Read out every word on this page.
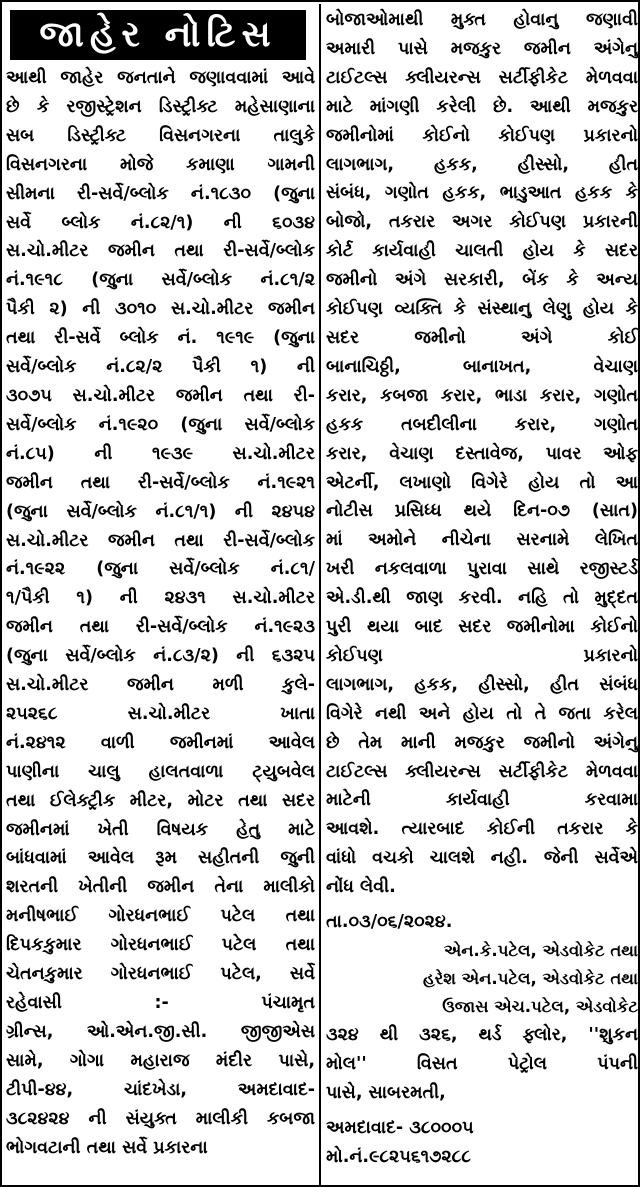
જાહેર નોટિસ
આથી જાહેર જનતાને જણાવવામાં આવે
છે કે રજીસ્ટ્રેશન ડિસ્ટ્રીક્ટ મહેસાણાના
સબ ડિસ્ટ્રીક્ટ વિસનગરના તાલુકે
વિસનગરના મોજે કમાણા ગામની
સીમના રી-સર્વે/બ્લોક નં.૧૮૩૦ (જુના
સર્વે બ્લોક નં.૮૨/૧) ની ૬૦૩૪
સ.ચો.મીટર જમીન તથા રી-સર્વે/બ્લોક
નં.૧૯૧૮ (જુના સર્વે/બ્લોક નં.૮૧/૨
પૈકી ૨) ની ૩૦૧૦ સ.ચો.મીટર જમીન
તથા રી-સર્વે બ્લોક નં. ૧૯૧૯ (જુના
સર્વે/બ્લોક નં.૮૨/૨ પૈકી ૧) ની
૩૦૭૫ સ.ચો.મીટર જમીન તથા રી-
સર્વે/બ્લોક નં.૧૯૨૦ (જુના સર્વે/બ્લોક
નં.૮૫) ની ૧૯૩૯ સ.ચો.મીટર
જમીન તથા રી-સર્વે/બ્લોક નં.૧૯૨૧
(જુના સર્વે/બ્લોક નં.૮૧/૧) ની ૨૪૫૪
સ.ચો.મીટર જમીન તથા રી-સર્વે/બ્લોક
નં.૧૯૨૨ (જુના સર્વે/બ્લોક નં.૮૧/
૧/પૈકી ૧) ની ૨૪૩૧ સ.ચો.મીટર
જમીન તથા રી-સર્વે/બ્લોક નં.૧૯૨૩
(જુના સર્વે/બ્લોક નં.૮૩/૨) ની ૬૩૨૫
સ.ચો.મીટર જમીન મળી કુલે-
૨૫૨૬૮ સ.ચો.મીટર ખાતા
નં.૨૪૧૨ વાળી જમીનમાં આવેલ
પાણીના ચાલુ હાલતવાળા ટ્યુબવેલ
તથા ઈલેક્ટ્રીક મીટર, મોટર તથા સદર
જમીનમાં ખેતી વિષયક હેતુ માટે
બાંધવામાં આવેલ રૂમ સહીતની જુની
શરતની ખેતીની જમીન તેના માલીકો
મનીષભાઈ ગોરધનભાઈ પટેલ તથા
દિપકકુમાર ગોરધનભાઈ પટેલ તથા
ચેતનકુમાર ગોરધનભાઈ પટેલ, સર્વે
રહેવાસી :- પંચામૃત
ગ્રીન્સ, ઓ.એન.જી.સી. જીજીએસ
સામે, ગોગા મહારાજ મંદીર પાસે,
ટીપી-૪૪, ચાંદખેડા, અમદાવાદ-
૩૮૨૪૨૪ ની સંયુક્ત માલીકી કબજા
ભોગવટાની તથા સર્વે પ્રકારના
બોજાઓમાથી મુક્ત હોવાનુ જણાવી
અમારી પાસે મજકુર જમીન અંગેનુ
ટાઈટલ્સ ક્લીયરન્સ સર્ટીફીકેટ મેળવવા
માટે માંગણી કરેલી છે. આથી મજકુર
જમીનોમાં કોઈનો કોઈપણ પ્રકારનો
લાગભાગ, હકક, હીસ્સો, હીત
સંબંધ, ગણોત હકક, ભાડુઆત હકક કે
બોજો, તકરાર અગર કોઈપણ પ્રકારની
કોર્ટ કાર્યવાહી ચાલતી હોય કે સદર
જમીનો અંગે સરકારી, બેંક કે અન્ય
કોઈપણ વ્યક્તિ કે સંસ્થાનુ લેણુ હોય કે
સદર જમીનો અંગે કોઈ
બાનાચિઠ્ઠી, બાનાખત, વેચાણ
કરાર, કબજા કરાર, ભાડા કરાર, ગણોત
હકક તબદીલીના કરાર, ગણોત
કરાર, વેચાણ દસ્તાવેજ, પાવર ઓફ
એટર્ની, લખાણો વિગેરે હોય તો આ
નોટીસ પ્રસિધ્ધ થયે દિન-૦૭ (સાત)
માં અમોને નીચેના સરનામે લેખિત
ખરી નકલવાળા પુરાવા સાથે રજીસ્ટર્ડ
એ.ડી.થી જાણ કરવી. નહિ તો મુદ્દત
પુરી થયા બાદ સદર જમીનોમા કોઈનો
કોઈપણ પ્રકારનો
લાગભાગ, હકક, હીસ્સો, હીત સંબંધ
વિગેરે નથી અને હોય તો તે જતા કરેલ
છે તેમ માની મજકુર જમીનો અંગેનુ
ટાઈટલ્સ ક્લીયરન્સ સર્ટીફીકેટ મેળવવા
માટેની કાર્યવાહી કરવામા
આવશે. ત્યારબાદ કોઈની તકરાર કે
વાંધો વચકો ચાલશે નહી. જેની સર્વેએ
નોંધ લેવી.

તા.૦૩/૦૬/૨૦૨૪.

એન.કે.પટેલ, એડવોકેટ તથા

હરેશ એન.પટેલ, એડવોકેટ તથા

ઉજાસ એચ.પટેલ, એડવોકેટ

૩૨૪ થી ૩૨૬, થર્ડ ફ્લોર, ''શુકન
મોલ'' વિસત પેટ્રોલ પંપની
પાસે, સાબરમતી,
અમદાવાદ- ૩૮૦૦૦૫
મો.નં.૯૮૨૫૬૧૭૨૮૮
